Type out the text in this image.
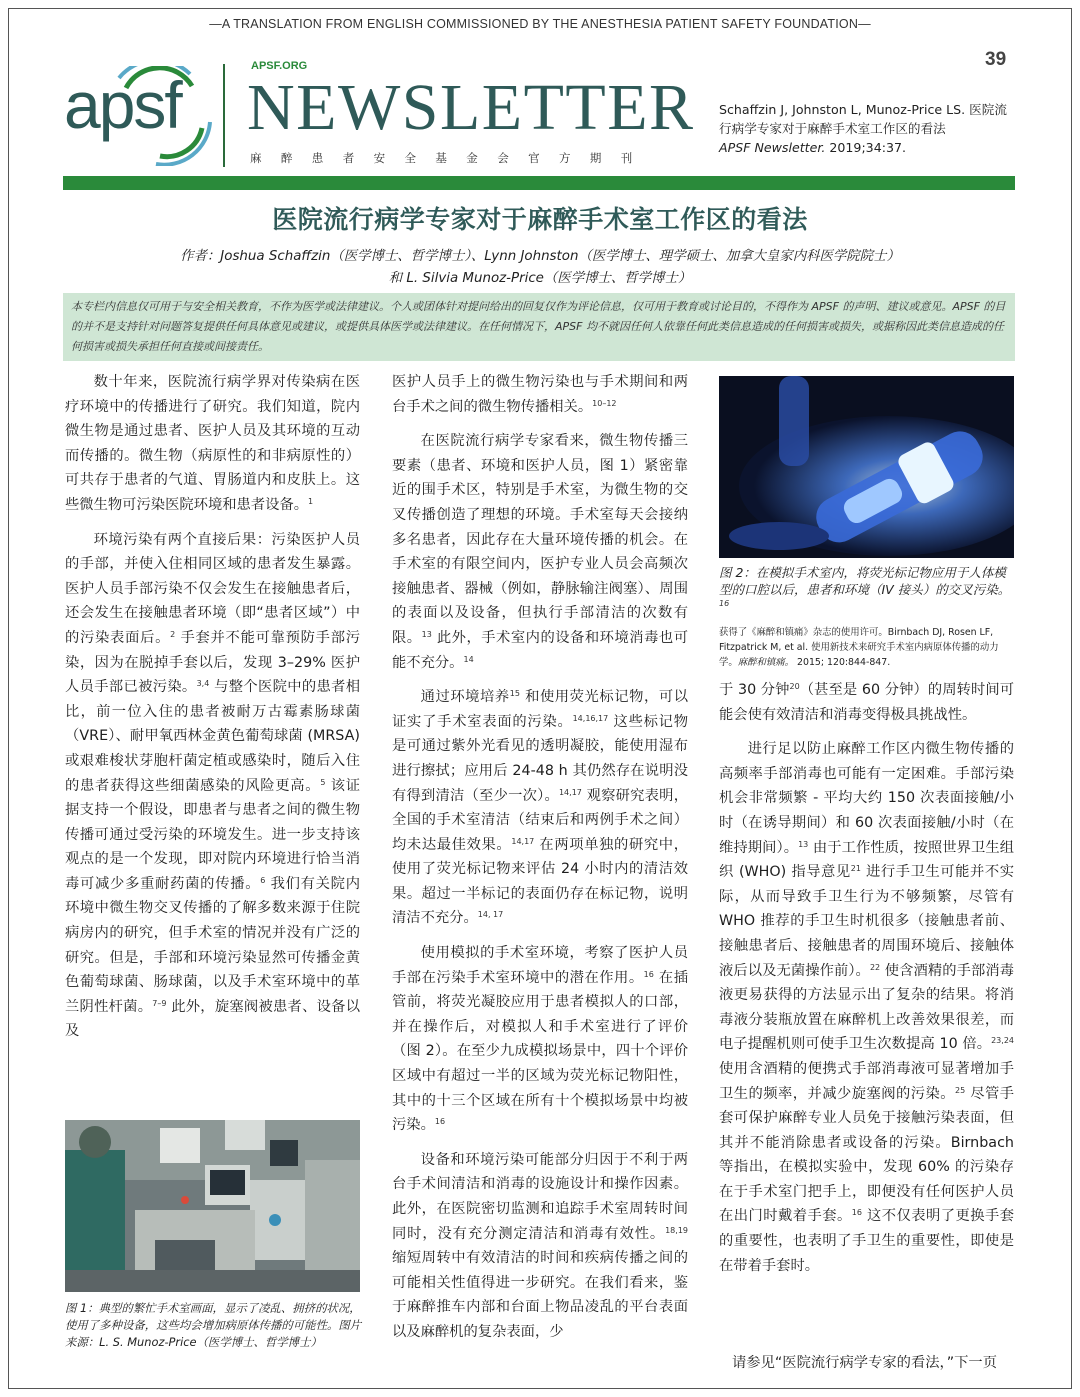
—A TRANSLATION FROM ENGLISH COMMISSIONED BY THE ANESTHESIA PATIENT SAFETY FOUNDATION—
39
apsf
APSF.ORG
NEWSLETTER
麻醉患者安全基金会官方期刊
Schaffzin J, Johnston L, Munoz-Price LS. 医院流行病学专家对于麻醉手术室工作区的看法
APSF Newsletter. 2019;34:37.
医院流行病学专家对于麻醉手术室工作区的看法
作者：Joshua Schaffzin（医学博士、哲学博士）、Lynn Johnston（医学博士、理学硕士、加拿大皇家内科医学院院士）
和 L. Silvia Munoz-Price（医学博士、哲学博士）
本专栏内信息仅可用于与安全相关教育，不作为医学或法律建议。个人或团体针对提问给出的回复仅作为评论信息，仅可用于教育或讨论目的，不得作为 APSF 的声明、建议或意见。APSF 的目的并不是支持针对问题答复提供任何具体意见或建议，或提供具体医学或法律建议。在任何情况下，APSF 均不就因任何人依靠任何此类信息造成的任何损害或损失，或据称因此类信息造成的任何损害或损失承担任何直接或间接责任。

数十年来，医院流行病学界对传染病在医疗环境中的传播进行了研究。我们知道，院内微生物是通过患者、医护人员及其环境的互动而传播的。微生物（病原性的和非病原性的）可共存于患者的气道、胃肠道内和皮肤上。这些微生物可污染医院环境和患者设备。$^1$

环境污染有两个直接后果：污染医护人员的手部，并使入住相同区域的患者发生暴露。医护人员手部污染不仅会发生在接触患者后，还会发生在接触患者环境（即“患者区域”）中的污染表面后。$^2$ 手套并不能可靠预防手部污染，因为在脱掉手套以后，发现 3–29% 医护人员手部已被污染。$^{3,4}$ 与整个医院中的患者相比，前一位入住的患者被耐万古霉素肠球菌（VRE）、耐甲氧西林金黄色葡萄球菌 (MRSA) 或艰难梭状芽胞杆菌定植或感染时，随后入住的患者获得这些细菌感染的风险更高。$^5$ 该证据支持一个假设，即患者与患者之间的微生物传播可通过受污染的环境发生。进一步支持该观点的是一个发现，即对院内环境进行恰当消毒可减少多重耐药菌的传播。$^6$ 我们有关院内环境中微生物交叉传播的了解多数来源于住院病房内的研究，但手术室的情况并没有广泛的研究。但是，手部和环境污染显然可传播金黄色葡萄球菌、肠球菌，以及手术室环境中的革兰阴性杆菌。$^{7-9}$ 此外，旋塞阀被患者、设备以及

图 1：典型的繁忙手术室画面，显示了凌乱、拥挤的状况，使用了多种设备，这些均会增加病原体传播的可能性。图片来源：L. S. Munoz-Price（医学博士、哲学博士）

医护人员手上的微生物污染也与手术期间和两台手术之间的微生物传播相关。$^{10-12}$

在医院流行病学专家看来，微生物传播三要素（患者、环境和医护人员，图 1）紧密靠近的围手术区，特别是手术室，为微生物的交叉传播创造了理想的环境。手术室每天会接纳多名患者，因此存在大量环境传播的机会。在手术室的有限空间内，医护专业人员会高频次接触患者、器械（例如，静脉输注阀塞）、周围的表面以及设备，但执行手部清洁的次数有限。$^{13}$ 此外，手术室内的设备和环境消毒也可能不充分。$^{14}$

通过环境培养$^{15}$ 和使用荧光标记物，可以证实了手术室表面的污染。$^{14,16,17}$ 这些标记物是可通过紫外光看见的透明凝胶，能使用湿布进行擦拭；应用后 24-48 h 其仍然存在说明没有得到清洁（至少一次）。$^{14,17}$ 观察研究表明，全国的手术室清洁（结束后和两例手术之间）均未达最佳效果。$^{14,17}$ 在两项单独的研究中，使用了荧光标记物来评估 24 小时内的清洁效果。超过一半标记的表面仍存在标记物，说明清洁不充分。$^{14, 17}$

使用模拟的手术室环境，考察了医护人员手部在污染手术室环境中的潜在作用。$^{16}$ 在插管前，将荧光凝胶应用于患者模拟人的口部，并在操作后，对模拟人和手术室进行了评价（图 2）。在至少九成模拟场景中，四十个评价区域中有超过一半的区域为荧光标记物阳性，其中的十三个区域在所有十个模拟场景中均被污染。$^{16}$

设备和环境污染可能部分归因于不利于两台手术间清洁和消毒的设施设计和操作因素。此外，在医院密切监测和追踪手术室周转时间同时，没有充分测定清洁和消毒有效性。$^{18,19}$ 缩短周转中有效清洁的时间和疾病传播之间的可能相关性值得进一步研究。在我们看来，鉴于麻醉推车内部和台面上物品凌乱的平台表面以及麻醉机的复杂表面，少

图 2：在模拟手术室内，将荧光标记物应用于人体模型的口腔以后，患者和环境（IV 接头）的交叉污染。$^{16}$
获得了《麻醉和镇痛》杂志的使用许可。Birnbach DJ, Rosen LF, Fitzpatrick M, et al. 使用新技术来研究手术室内病原体传播的动力学。麻醉和镇痛。 2015; 120:844-847.

于 30 分钟$^{20}$（甚至是 60 分钟）的周转时间可能会使有效清洁和消毒变得极具挑战性。

进行足以防止麻醉工作区内微生物传播的高频率手部消毒也可能有一定困难。手部污染机会非常频繁 - 平均大约 150 次表面接触/小时（在诱导期间）和 60 次表面接触/小时（在维持期间）。$^{13}$ 由于工作性质，按照世界卫生组织 (WHO) 指导意见$^{21}$ 进行手卫生可能并不实际，从而导致手卫生行为不够频繁，尽管有 WHO 推荐的手卫生时机很多（接触患者前、接触患者后、接触患者的周围环境后、接触体液后以及无菌操作前）。$^{22}$ 使含酒精的手部消毒液更易获得的方法显示出了复杂的结果。将消毒液分装瓶放置在麻醉机上改善效果很差，而电子提醒机则可使手卫生次数提高 10 倍。$^{23,24}$ 使用含酒精的便携式手部消毒液可显著增加手卫生的频率，并减少旋塞阀的污染。$^{25}$ 尽管手套可保护麻醉专业人员免于接触污染表面，但其并不能消除患者或设备的污染。Birnbach 等指出，在模拟实验中，发现 60% 的污染存在于手术室门把手上，即便没有任何医护人员在出门时戴着手套。$^{16}$ 这不仅表明了更换手套的重要性，也表明了手卫生的重要性，即使是在带着手套时。

请参见“医院流行病学专家的看法，”下一页
